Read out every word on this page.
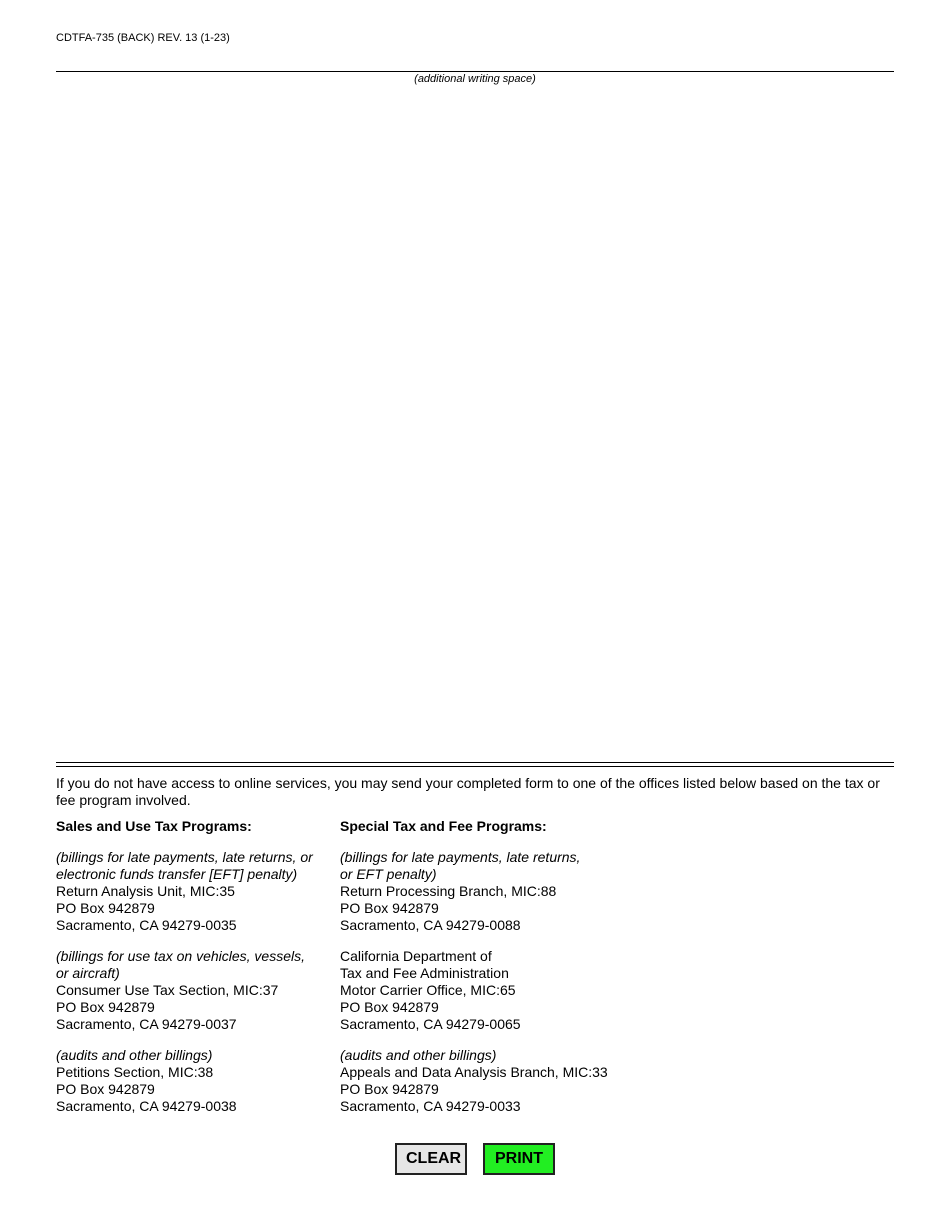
CDTFA-735 (BACK) REV. 13 (1-23)
(additional writing space)
If you do not have access to online services, you may send your completed form to one of the offices listed below based on the tax or fee program involved.
Sales and Use Tax Programs:
(billings for late payments, late returns, or
electronic funds transfer [EFT] penalty)
Return Analysis Unit, MIC:35
PO Box 942879
Sacramento, CA 94279-0035
(billings for use tax on vehicles, vessels,
or aircraft)
Consumer Use Tax Section, MIC:37
PO Box 942879
Sacramento, CA 94279-0037
(audits and other billings)
Petitions Section, MIC:38
PO Box 942879
Sacramento, CA 94279-0038
Special Tax and Fee Programs:
(billings for late payments, late returns,
or EFT penalty)
Return Processing Branch, MIC:88
PO Box 942879
Sacramento, CA 94279-0088
California Department of
Tax and Fee Administration
Motor Carrier Office, MIC:65
PO Box 942879
Sacramento, CA 94279-0065
(audits and other billings)
Appeals and Data Analysis Branch, MIC:33
PO Box 942879
Sacramento, CA 94279-0033
CLEAR	PRINT
